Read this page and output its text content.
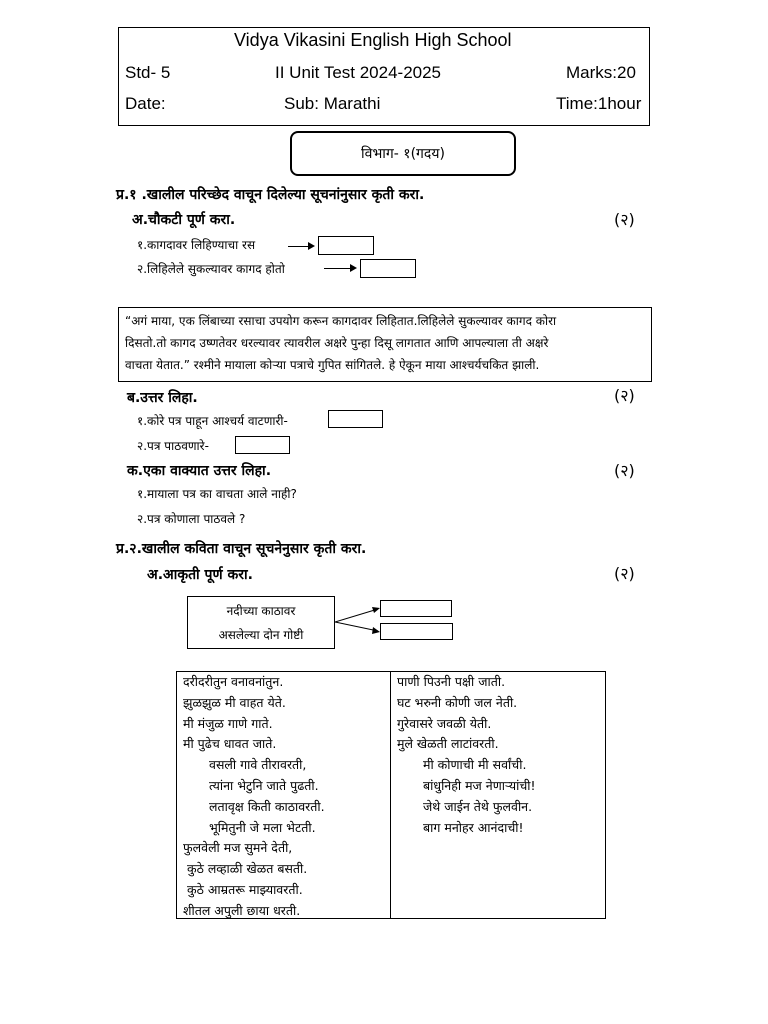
Vidya Vikasini English High School
Std- 5	II Unit Test 2024-2025	Marks:20
Date:	Sub: Marathi	Time:1hour
विभाग- १(गदय)
प्र.१ .खालील परिच्छेद वाचून दिलेल्या सूचनांनुसार कृती करा.
अ.चौकटी पूर्ण करा.	(२)
१.कागदावर लिहिण्याचा रस
२.लिहिलेले सुकल्यावर कागद होतो
“अगं माया, एक लिंबाच्या रसाचा उपयोग करून कागदावर लिहितात.लिहिलेले सुकल्यावर कागद कोरा
दिसतो.तो कागद उष्णतेवर धरल्यावर त्यावरील अक्षरे पुन्हा दिसू लागतात आणि आपल्याला ती अक्षरे
वाचता येतात.” रश्मीने मायाला कोऱ्या पत्राचे गुपित सांगितले. हे ऐकून माया आश्चर्यचकित झाली.
ब.उत्तर लिहा.	(२)
१.कोरे पत्र पाहून आश्चर्य वाटणारी-
२.पत्र पाठवणारे-
क.एका वाक्यात उत्तर लिहा.	(२)
१.मायाला पत्र का वाचता आले नाही?
२.पत्र कोणाला पाठवले ?
प्र.२.खालील कविता वाचून सूचनेनुसार कृती करा.
अ.आकृती पूर्ण करा.	(२)
नदीच्या काठावर
असलेल्या दोन गोष्टी
दरीदरीतुन वनावनांतुन.
झुळझुळ मी वाहत येते.
मी मंजुळ गाणे गाते.
मी पुढेच धावत जाते.
वसली गावे तीरावरती,
त्यांना भेटुनि जाते पुढती.
लतावृक्ष किती काठावरती.
भूमितुनी जे मला भेटती.
फुलवेली मज सुमने देती,
कुठे लव्हाळी खेळत बसती.
कुठे आम्रतरू माझ्यावरती.
शीतल अपुली छाया धरती.
पाणी पिउनी पक्षी जाती.
घट भरुनी कोणी जल नेती.
गुरेवासरे जवळी येती.
मुले खेळती लाटांवरती.
मी कोणाची मी सर्वांची.
बांधुनिही मज नेणाऱ्यांची!
जेथे जाईन तेथे फुलवीन.
बाग मनोहर आनंदाची!
